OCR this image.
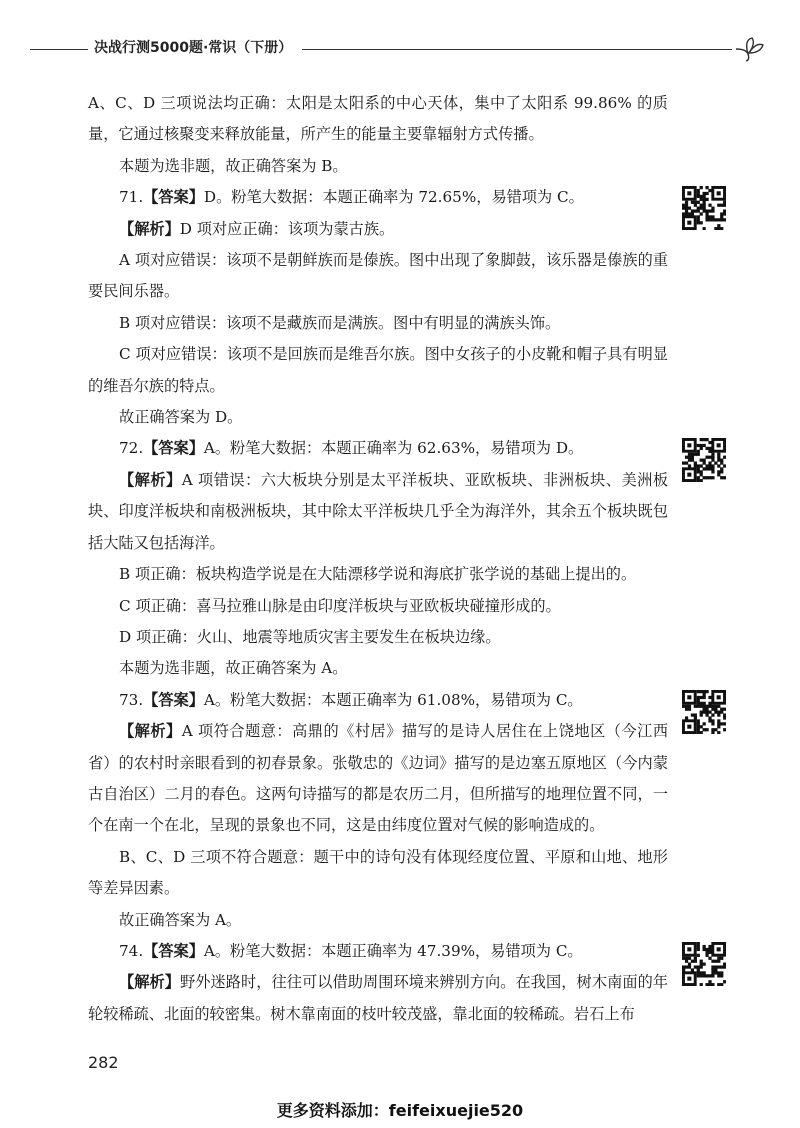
决战行测5000题·常识（下册）

A、C、D 三项说法均正确：太阳是太阳系的中心天体，集中了太阳系 99.86% 的质量，它通过核聚变来释放能量，所产生的能量主要靠辐射方式传播。

本题为选非题，故正确答案为 B。

71.【答案】D。粉笔大数据：本题正确率为 72.65%，易错项为 C。

【解析】D 项对应正确：该项为蒙古族。

A 项对应错误：该项不是朝鲜族而是傣族。图中出现了象脚鼓，该乐器是傣族的重要民间乐器。

B 项对应错误：该项不是藏族而是满族。图中有明显的满族头饰。

C 项对应错误：该项不是回族而是维吾尔族。图中女孩子的小皮靴和帽子具有明显的维吾尔族的特点。

故正确答案为 D。

72.【答案】A。粉笔大数据：本题正确率为 62.63%，易错项为 D。

【解析】A 项错误：六大板块分别是太平洋板块、亚欧板块、非洲板块、美洲板块、印度洋板块和南极洲板块，其中除太平洋板块几乎全为海洋外，其余五个板块既包括大陆又包括海洋。

B 项正确：板块构造学说是在大陆漂移学说和海底扩张学说的基础上提出的。

C 项正确：喜马拉雅山脉是由印度洋板块与亚欧板块碰撞形成的。

D 项正确：火山、地震等地质灾害主要发生在板块边缘。

本题为选非题，故正确答案为 A。

73.【答案】A。粉笔大数据：本题正确率为 61.08%，易错项为 C。

【解析】A 项符合题意：高鼎的《村居》描写的是诗人居住在上饶地区（今江西省）的农村时亲眼看到的初春景象。张敬忠的《边词》描写的是边塞五原地区（今内蒙古自治区）二月的春色。这两句诗描写的都是农历二月，但所描写的地理位置不同，一个在南一个在北，呈现的景象也不同，这是由纬度位置对气候的影响造成的。

B、C、D 三项不符合题意：题干中的诗句没有体现经度位置、平原和山地、地形等差异因素。

故正确答案为 A。

74.【答案】A。粉笔大数据：本题正确率为 47.39%，易错项为 C。

【解析】野外迷路时，往往可以借助周围环境来辨别方向。在我国，树木南面的年轮较稀疏、北面的较密集。树木靠南面的枝叶较茂盛，靠北面的较稀疏。岩石上布

282
更多资料添加：feifeixuejie520
